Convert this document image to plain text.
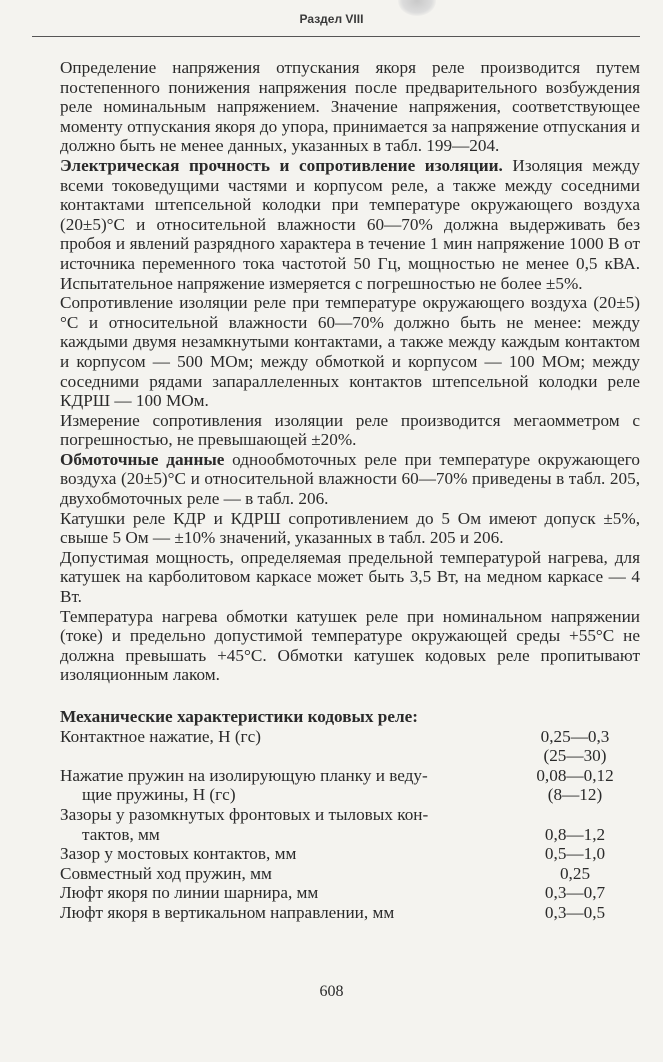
Раздел VIII

Определение напряжения отпускания якоря реле производится путем постепенного понижения напряжения после предварительного возбуждения реле номинальным напряжением. Значение напряжения, соответствующее моменту отпускания якоря до упора, принимается за напряжение отпускания и должно быть не менее данных, указанных в табл. 199—204.

Электрическая прочность и сопротивление изоляции. Изоляция между всеми токоведущими частями и корпусом реле, а также между соседними контактами штепсельной колодки при температуре окружающего воздуха (20±5)°С и относительной влажности 60—70% должна выдерживать без пробоя и явлений разрядного характера в течение 1 мин напряжение 1000 В от источника переменного тока частотой 50 Гц, мощностью не менее 0,5 кВА. Испытательное напряжение измеряется с погрешностью не более ±5%.

Сопротивление изоляции реле при температуре окружающего воздуха (20±5)°С и относительной влажности 60—70% должно быть не менее: между каждыми двумя незамкнутыми контактами, а также между каждым контактом и корпусом — 500 МОм; между обмоткой и корпусом — 100 МОм; между соседними рядами запараллеленных контактов штепсельной колодки реле КДРШ — 100 МОм.

Измерение сопротивления изоляции реле производится мегаомметром с погрешностью, не превышающей ±20%.

Обмоточные данные однообмоточных реле при температуре окружающего воздуха (20±5)°С и относительной влажности 60—70% приведены в табл. 205, двухобмоточных реле — в табл. 206.

Катушки реле КДР и КДРШ сопротивлением до 5 Ом имеют допуск ±5%, свыше 5 Ом — ±10% значений, указанных в табл. 205 и 206.

Допустимая мощность, определяемая предельной температурой нагрева, для катушек на карболитовом каркасе может быть 3,5 Вт, на медном каркасе — 4 Вт.

Температура нагрева обмотки катушек реле при номинальном напряжении (токе) и предельно допустимой температуре окружающей среды +55°С не должна превышать +45°С. Обмотки катушек кодовых реле пропитывают изоляционным лаком.

Механические характеристики кодовых реле:
Контактное нажатие, Н (гс)	0,25—0,3
(25—30)
Нажатие пружин на изолирующую планку и веду-	0,08—0,12
щие пружины, Н (гс)	(8—12)
Зазоры у разомкнутых фронтовых и тыловых кон-
тактов, мм	0,8—1,2
Зазор у мостовых контактов, мм	0,5—1,0
Совместный ход пружин, мм	0,25
Люфт якоря по линии шарнира, мм	0,3—0,7
Люфт якоря в вертикальном направлении, мм	0,3—0,5
608
